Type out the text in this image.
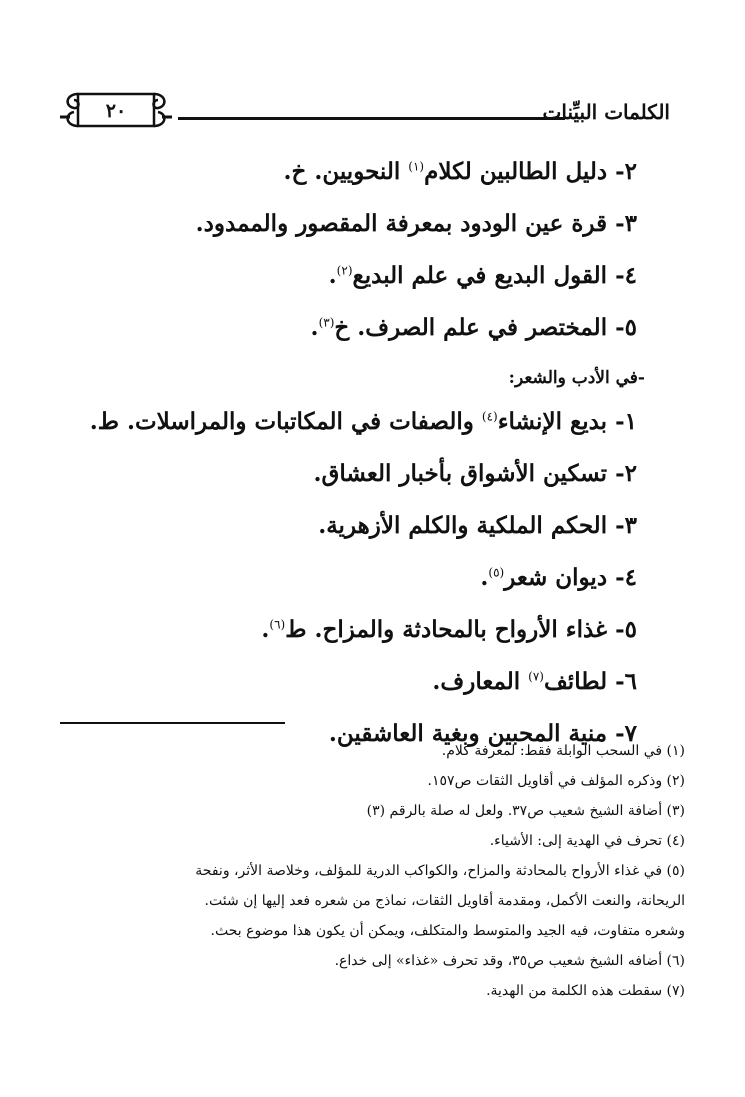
الكلمات البيِّنات
٢٠
٢- دليل الطالبين لكلام$^{(١)}$ النحويين. خ.
٣- قرة عين الودود بمعرفة المقصور والممدود.
٤- القول البديع في علم البديع$^{(٢)}$.
٥- المختصر في علم الصرف. خ$^{(٣)}$.
-في الأدب والشعر:
١- بديع الإنشاء$^{(٤)}$ والصفات في المكاتبات والمراسلات. ط.
٢- تسكين الأشواق بأخبار العشاق.
٣- الحكم الملكية والكلم الأزهرية.
٤- ديوان شعر$^{(٥)}$.
٥- غذاء الأرواح بالمحادثة والمزاح. ط$^{(٦)}$.
٦- لطائف$^{(٧)}$ المعارف.
٧- منية المحبين وبغية العاشقين.
(١) في السحب الوابلة فقط: لمعرفة كلام.
(٢) وذكره المؤلف في أقاويل الثقات ص١٥٧.
(٣) أضافة الشيخ شعيب ص٣٧. ولعل له صلة بالرقم (٣)
(٤) تحرف في الهدية إلى: الأشياء.
(٥) في غذاء الأرواح بالمحادثة والمزاح، والكواكب الدرية للمؤلف، وخلاصة الأثر، ونفحة
الريحانة، والنعت الأكمل، ومقدمة أقاويل الثقات، نماذج من شعره فعد إليها إن شئت.
وشعره متفاوت، فيه الجيد والمتوسط والمتكلف، ويمكن أن يكون هذا موضوع بحث.
(٦) أضافه الشيخ شعيب ص٣٥، وقد تحرف «غذاء» إلى خداع.
(٧) سقطت هذه الكلمة من الهدية.
